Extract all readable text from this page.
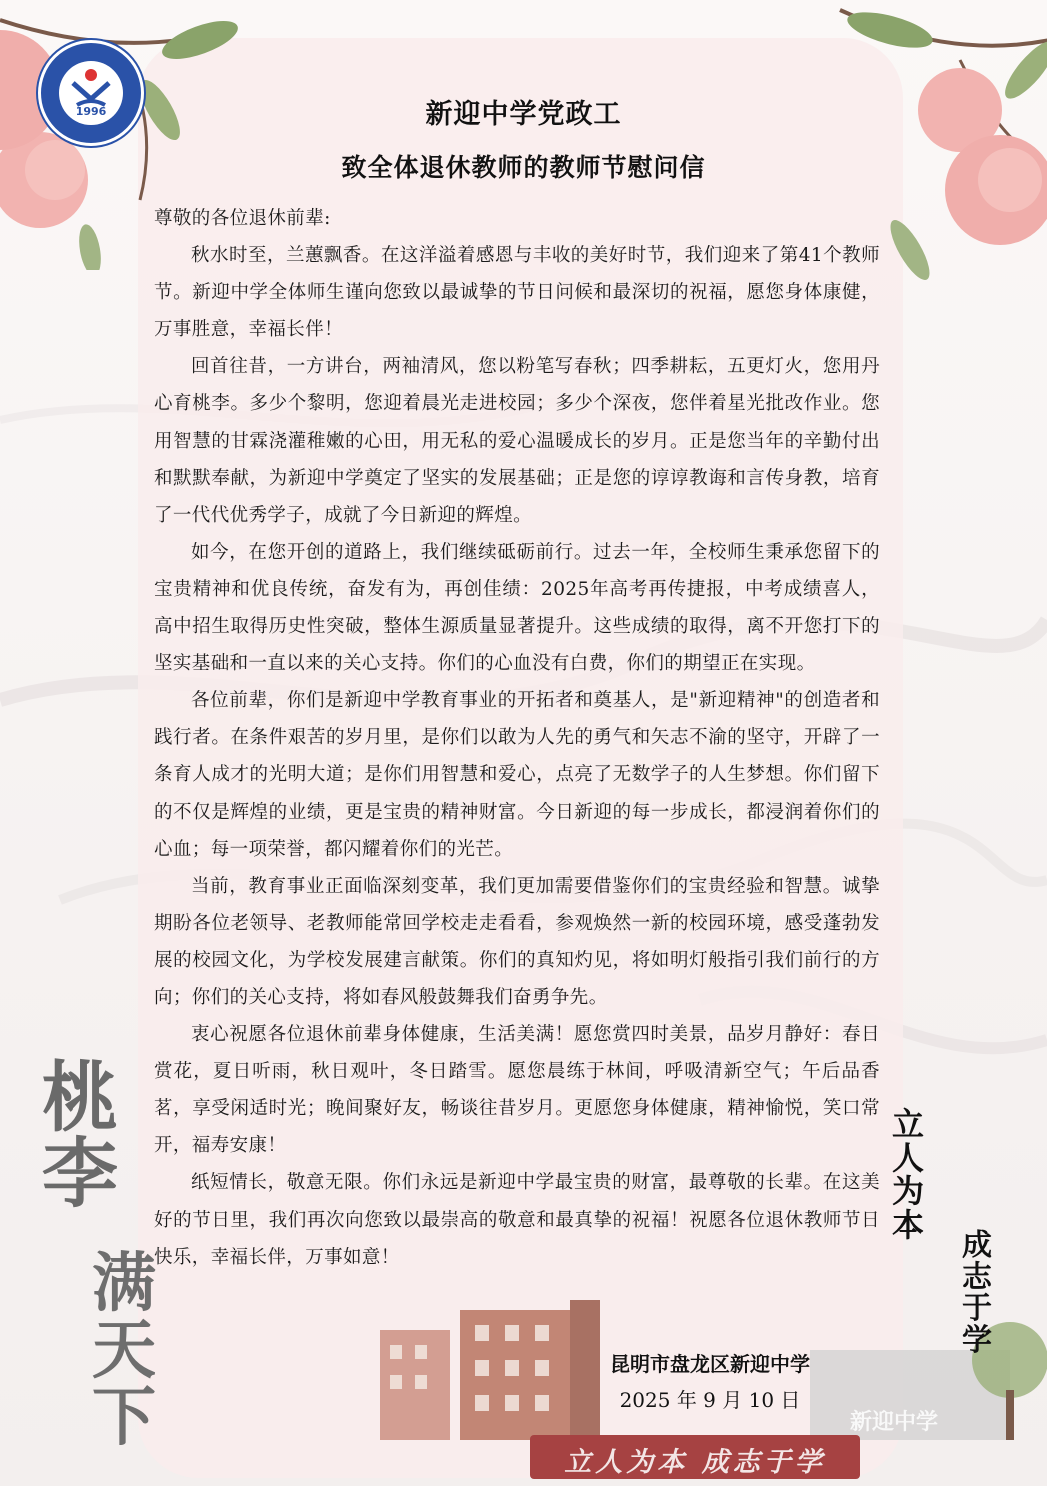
1996	新迎中学党政工
致全体退休教师的教师节慰问信

尊敬的各位退休前辈:

秋水时至，兰蕙飘香。在这洋溢着感恩与丰收的美好时节，我们迎来了第41个教师节。新迎中学全体师生谨向您致以最诚挚的节日问候和最深切的祝福，愿您身体康健，万事胜意，幸福长伴！

回首往昔，一方讲台，两袖清风，您以粉笔写春秋；四季耕耘，五更灯火，您用丹心育桃李。多少个黎明，您迎着晨光走进校园；多少个深夜，您伴着星光批改作业。您用智慧的甘霖浇灌稚嫩的心田，用无私的爱心温暖成长的岁月。正是您当年的辛勤付出和默默奉献，为新迎中学奠定了坚实的发展基础；正是您的谆谆教诲和言传身教，培育了一代代优秀学子，成就了今日新迎的辉煌。

如今，在您开创的道路上，我们继续砥砺前行。过去一年，全校师生秉承您留下的宝贵精神和优良传统，奋发有为，再创佳绩：2025年高考再传捷报，中考成绩喜人，高中招生取得历史性突破，整体生源质量显著提升。这些成绩的取得，离不开您打下的坚实基础和一直以来的关心支持。你们的心血没有白费，你们的期望正在实现。

各位前辈，你们是新迎中学教育事业的开拓者和奠基人，是"新迎精神"的创造者和践行者。在条件艰苦的岁月里，是你们以敢为人先的勇气和矢志不渝的坚守，开辟了一条育人成才的光明大道；是你们用智慧和爱心，点亮了无数学子的人生梦想。你们留下的不仅是辉煌的业绩，更是宝贵的精神财富。今日新迎的每一步成长，都浸润着你们的心血；每一项荣誉，都闪耀着你们的光芒。

当前，教育事业正面临深刻变革，我们更加需要借鉴你们的宝贵经验和智慧。诚挚期盼各位老领导、老教师能常回学校走走看看，参观焕然一新的校园环境，感受蓬勃发展的校园文化，为学校发展建言献策。你们的真知灼见，将如明灯般指引我们前行的方向；你们的关心支持，将如春风般鼓舞我们奋勇争先。

衷心祝愿各位退休前辈身体健康，生活美满！愿您赏四时美景，品岁月静好：春日赏花，夏日听雨，秋日观叶，冬日踏雪。愿您晨练于林间，呼吸清新空气；午后品香茗，享受闲适时光；晚间聚好友，畅谈往昔岁月。更愿您身体健康，精神愉悦，笑口常开，福寿安康！

纸短情长，敬意无限。你们永远是新迎中学最宝贵的财富，最尊敬的长辈。在这美好的节日里，我们再次向您致以最崇高的敬意和最真挚的祝福！祝愿各位退休教师节日快乐，幸福长伴，万事如意！

昆明市盘龙区新迎中学
2025 年 9 月 10 日
立人为本
成志于学
桃李
满天下
立人为本 成志于学
新迎中学
